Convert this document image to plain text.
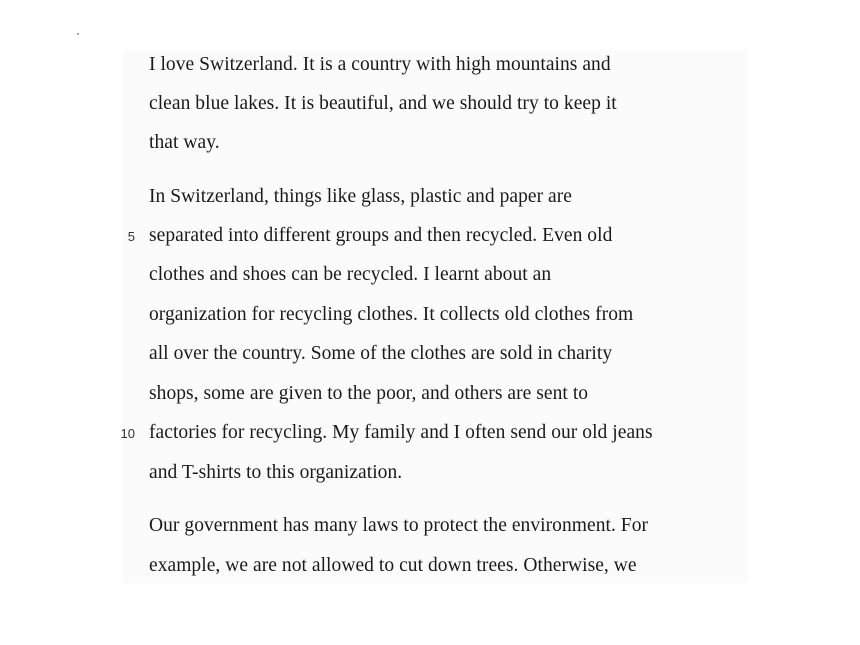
I love Switzerland. It is a country with high mountains and
clean blue lakes. It is beautiful, and we should try to keep it
that way.
In Switzerland, things like glass, plastic and paper are
separated into different groups and then recycled. Even old
clothes and shoes can be recycled. I learnt about an
organization for recycling clothes. It collects old clothes from
all over the country. Some of the clothes are sold in charity
shops, some are given to the poor, and others are sent to
factories for recycling. My family and I often send our old jeans
and T-shirts to this organization.
Our government has many laws to protect the environment. For
example, we are not allowed to cut down trees. Otherwise, we
5
10
